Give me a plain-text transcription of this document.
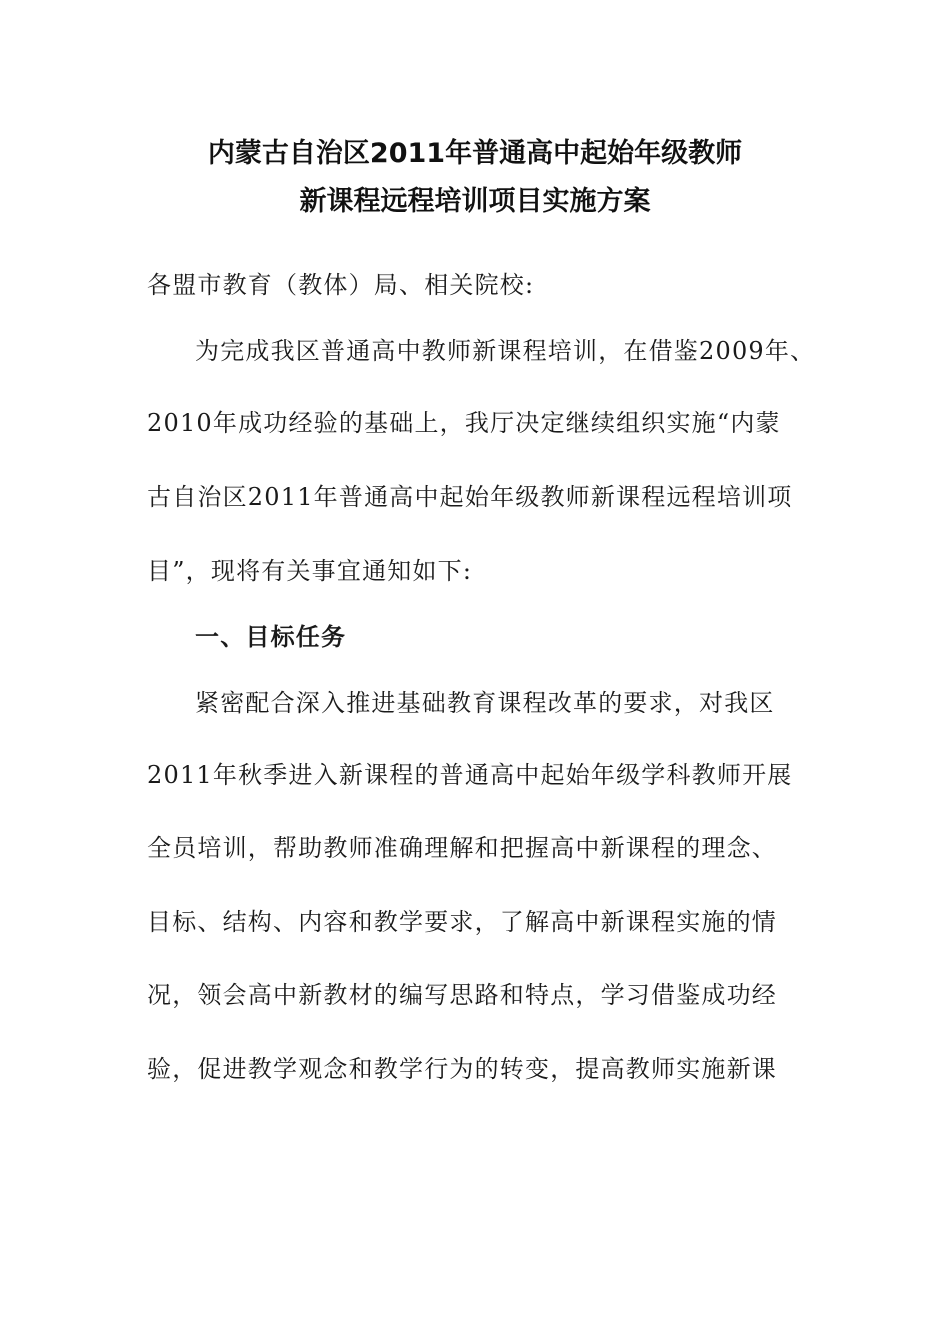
内蒙古自治区2011年普通高中起始年级教师
新课程远程培训项目实施方案
各盟市教育（教体）局、相关院校:
为完成我区普通高中教师新课程培训，在借鉴2009年、
2010年成功经验的基础上，我厅决定继续组织实施“内蒙
古自治区2011年普通高中起始年级教师新课程远程培训项
目”，现将有关事宜通知如下:
一、目标任务
紧密配合深入推进基础教育课程改革的要求，对我区
2011年秋季进入新课程的普通高中起始年级学科教师开展
全员培训，帮助教师准确理解和把握高中新课程的理念、
目标、结构、内容和教学要求，了解高中新课程实施的情
况，领会高中新教材的编写思路和特点，学习借鉴成功经
验，促进教学观念和教学行为的转变，提高教师实施新课
